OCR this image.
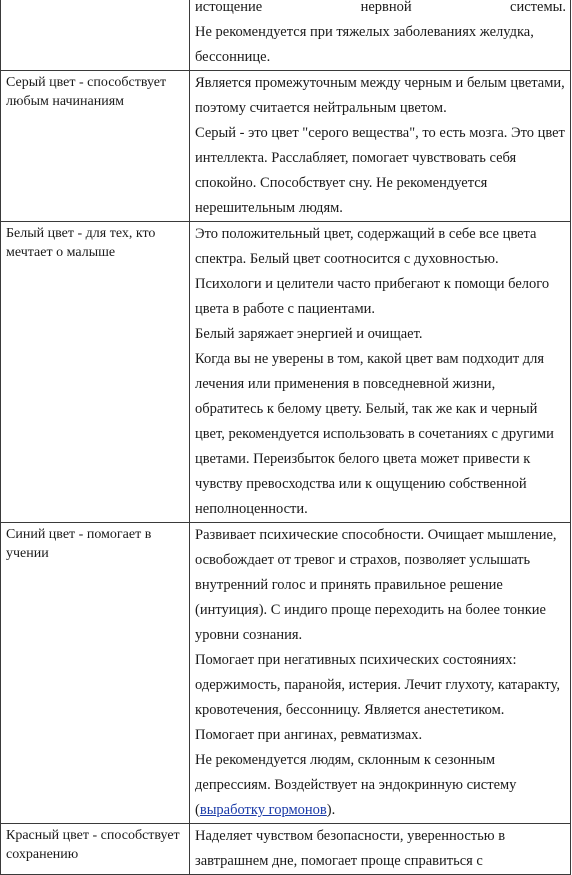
	истощение нервной системы.

Не рекомендуется при тяжелых заболеваниях желудка, бессоннице.

Серый цвет - способствует любым начинаниям	Является промежуточным между черным и белым цветами, поэтому считается нейтральным цветом.

Серый - это цвет "серого вещества", то есть мозга. Это цвет интеллекта. Расслабляет, помогает чувствовать себя спокойно. Способствует сну. Не рекомендуется нерешительным людям.

Белый цвет - для тех, кто мечтает о малыше	Это положительный цвет, содержащий в себе все цвета спектра. Белый цвет соотносится с духовностью.

Психологи и целители часто прибегают к помощи белого цвета в работе с пациентами.

Белый заряжает энергией и очищает.

Когда вы не уверены в том, какой цвет вам подходит для лечения или применения в повседневной жизни, обратитесь к белому цвету. Белый, так же как и черный цвет, рекомендуется использовать в сочетаниях с другими цветами. Переизбыток белого цвета может привести к чувству превосходства или к ощущению собственной неполноценности.

Синий цвет - помогает в учении	Развивает психические способности. Очищает мышление, освобождает от тревог и страхов, позволяет услышать внутренний голос и принять правильное решение (интуиция). С индиго проще переходить на более тонкие уровни сознания.

Помогает при негативных психических состояниях: одержимость, паранойя, истерия. Лечит глухоту, катаракту, кровотечения, бессонницу. Является анестетиком. Помогает при ангинах, ревматизмах.

Не рекомендуется людям, склонным к сезонным депрессиям. Воздействует на эндокринную систему (выработку гормонов).

Красный цвет - способствует сохранению	Наделяет чувством безопасности, уверенностью в завтрашнем дне, помогает проще справиться с
